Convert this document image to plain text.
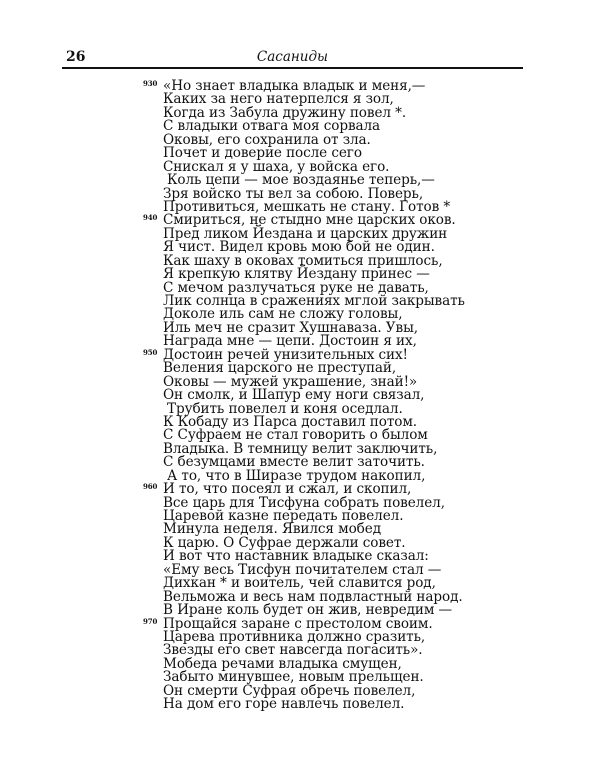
26	Сасаниды
930 «Но знает владыка владык и меня,—
Каких за него натерпелся я зол,
Когда из Забула дружину повел *.
С владыки отвага моя сорвала
Оковы, его сохранила от зла.
Почет и доверие после сего
Снискал я у шаха, у войска его.
Коль цепи — мое воздаянье теперь,—
Зря войско ты вел за собою. Поверь,
Противиться, мешкать не стану. Готов *
940 Смириться, не стыдно мне царских оков.
Пред ликом Йездана и царских дружин
Я чист. Видел кровь мою бой не один.
Как шаху в оковах томиться пришлось,
Я крепкую клятву Йездану принес —
С мечом разлучаться руке не давать,
Лик солнца в сражениях мглой закрывать
Доколе иль сам не сложу головы,
Иль меч не сразит Хушнаваза. Увы,
Награда мне — цепи. Достоин я их,
950 Достоин речей унизительных сих!
Веления царского не преступай,
Оковы — мужей украшение, знай!»
Он смолк, и Шапур ему ноги связал,
Трубить повелел и коня оседлал.
К Кобаду из Парса доставил потом.
С Суфраем не стал говорить о былом
Владыка. В темницу велит заключить,
С безумцами вместе велит заточить.
А то, что в Ширазе трудом накопил,
960 И то, что посеял и сжал, и скопил,
Все царь для Тисфуна собрать повелел,
Царевой казне передать повелел.
Минула неделя. Явился мобед
К царю. О Суфрае держали совет.
И вот что наставник владыке сказал:
«Ему весь Тисфун почитателем стал —
Дихкан * и воитель, чей славится род,
Вельможа и весь нам подвластный народ.
В Иране коль будет он жив, невредим —
970 Прощайся заране с престолом своим.
Царева противника должно сразить,
Звезды его свет навсегда погасить».
Мобеда речами владыка смущен,
Забыто минувшее, новым прельщен.
Он смерти Суфрая обречь повелел,
На дом его горе навлечь повелел.
